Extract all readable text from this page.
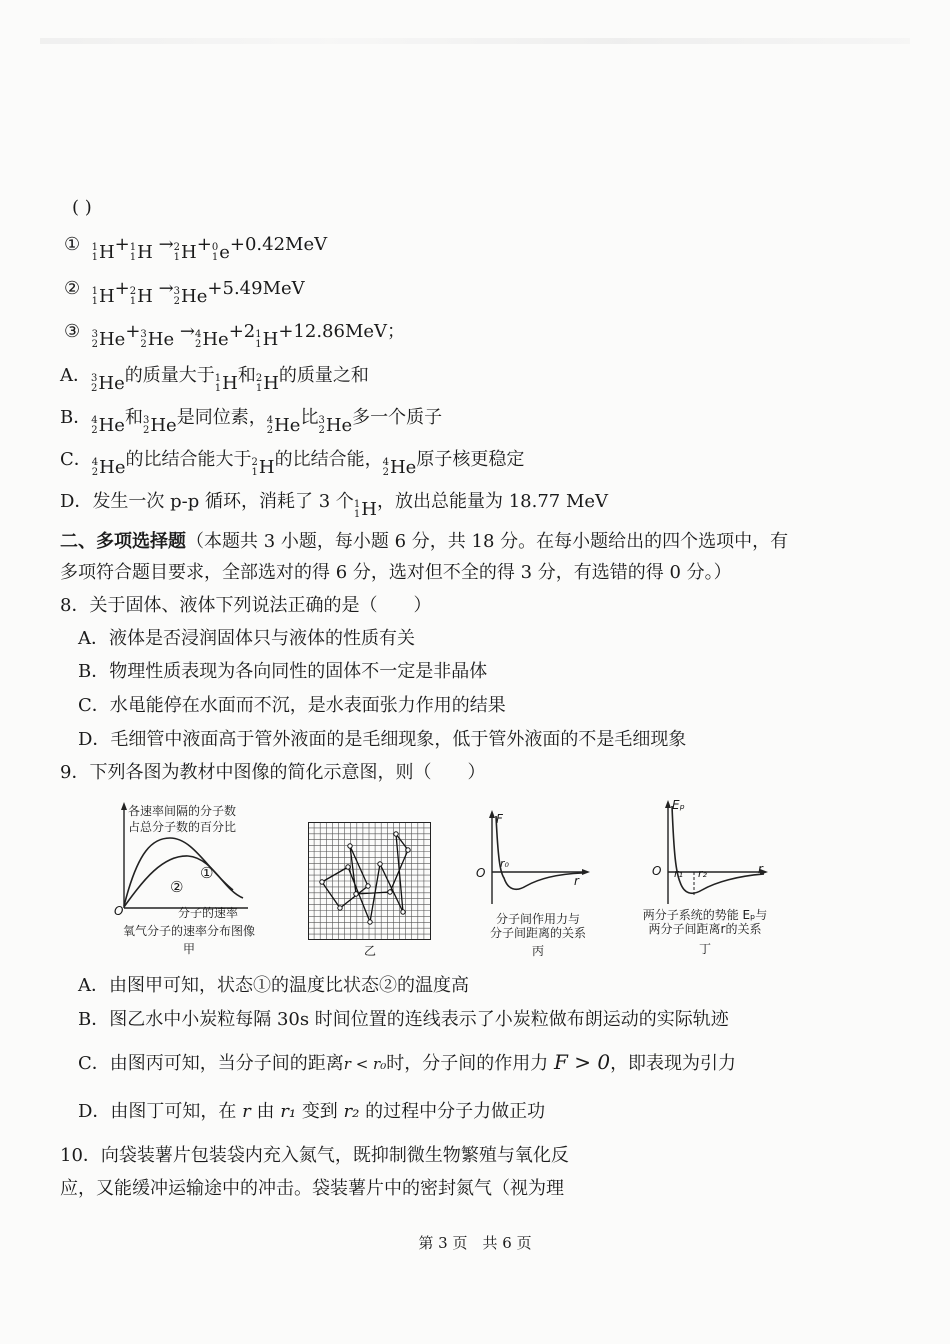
( )
① 1
1 H + 1
1 H → 2
1 H + 0
1 e +0.42MeV
② 1
1 H + 2
1 H → 3
2 He +5.49MeV
③ 3
2 He + 3
2 He → 4
2 He +2 1
1 H +12.86MeV；
A． 3
2 He 的质量大于 1
1 H 和 2
1 H 的质量之和
B． 4
2 He 和 3
2 He 是同位素， 4
2 He 比 3
2 He 多一个质子
C． 4
2 He 的比结合能大于 2
1 H 的比结合能， 4
2 He 原子核更稳定
D．发生一次 p-p 循环，消耗了 3 个 1
1 H ，放出总能量为 18.77 MeV
二、多项选择题（本题共 3 小题，每小题 6 分，共 18 分。在每小题给出的四个选项中，有
多项符合题目要求，全部选对的得 6 分，选对但不全的得 3 分，有选错的得 0 分。）
8．关于固体、液体下列说法正确的是（　　）
A．液体是否浸润固体只与液体的性质有关
B．物理性质表现为各向同性的固体不一定是非晶体
C．水黾能停在水面而不沉，是水表面张力作用的结果
D．毛细管中液面高于管外液面的是毛细现象，低于管外液面的不是毛细现象
9．下列各图为教材中图像的简化示意图，则（　　）
各速率间隔的分子数
占总分子数的百分比
①
②
O	分子的速率
氧气分子的速率分布图像
甲	乙
F
O
r₀
r
分子间作用力与
分子间距离的关系
丙
Eₚ
O r₁ r₂	r
两分子系统的势能 Eₚ与
两分子间距离r的关系
丁
A．由图甲可知，状态①的温度比状态②的温度高
B．图乙水中小炭粒每隔 30s 时间位置的连线表示了小炭粒做布朗运动的实际轨迹
C．由图丙可知，当分子间的距离r < r₀时，分子间的作用力 F > 0，即表现为引力
D．由图丁可知，在 r 由 r₁ 变到 r₂ 的过程中分子力做正功
10．向袋装薯片包装袋内充入氮气，既抑制微生物繁殖与氧化反
应，又能缓冲运输途中的冲击。袋装薯片中的密封氮气（视为理
第 3 页　共 6 页
